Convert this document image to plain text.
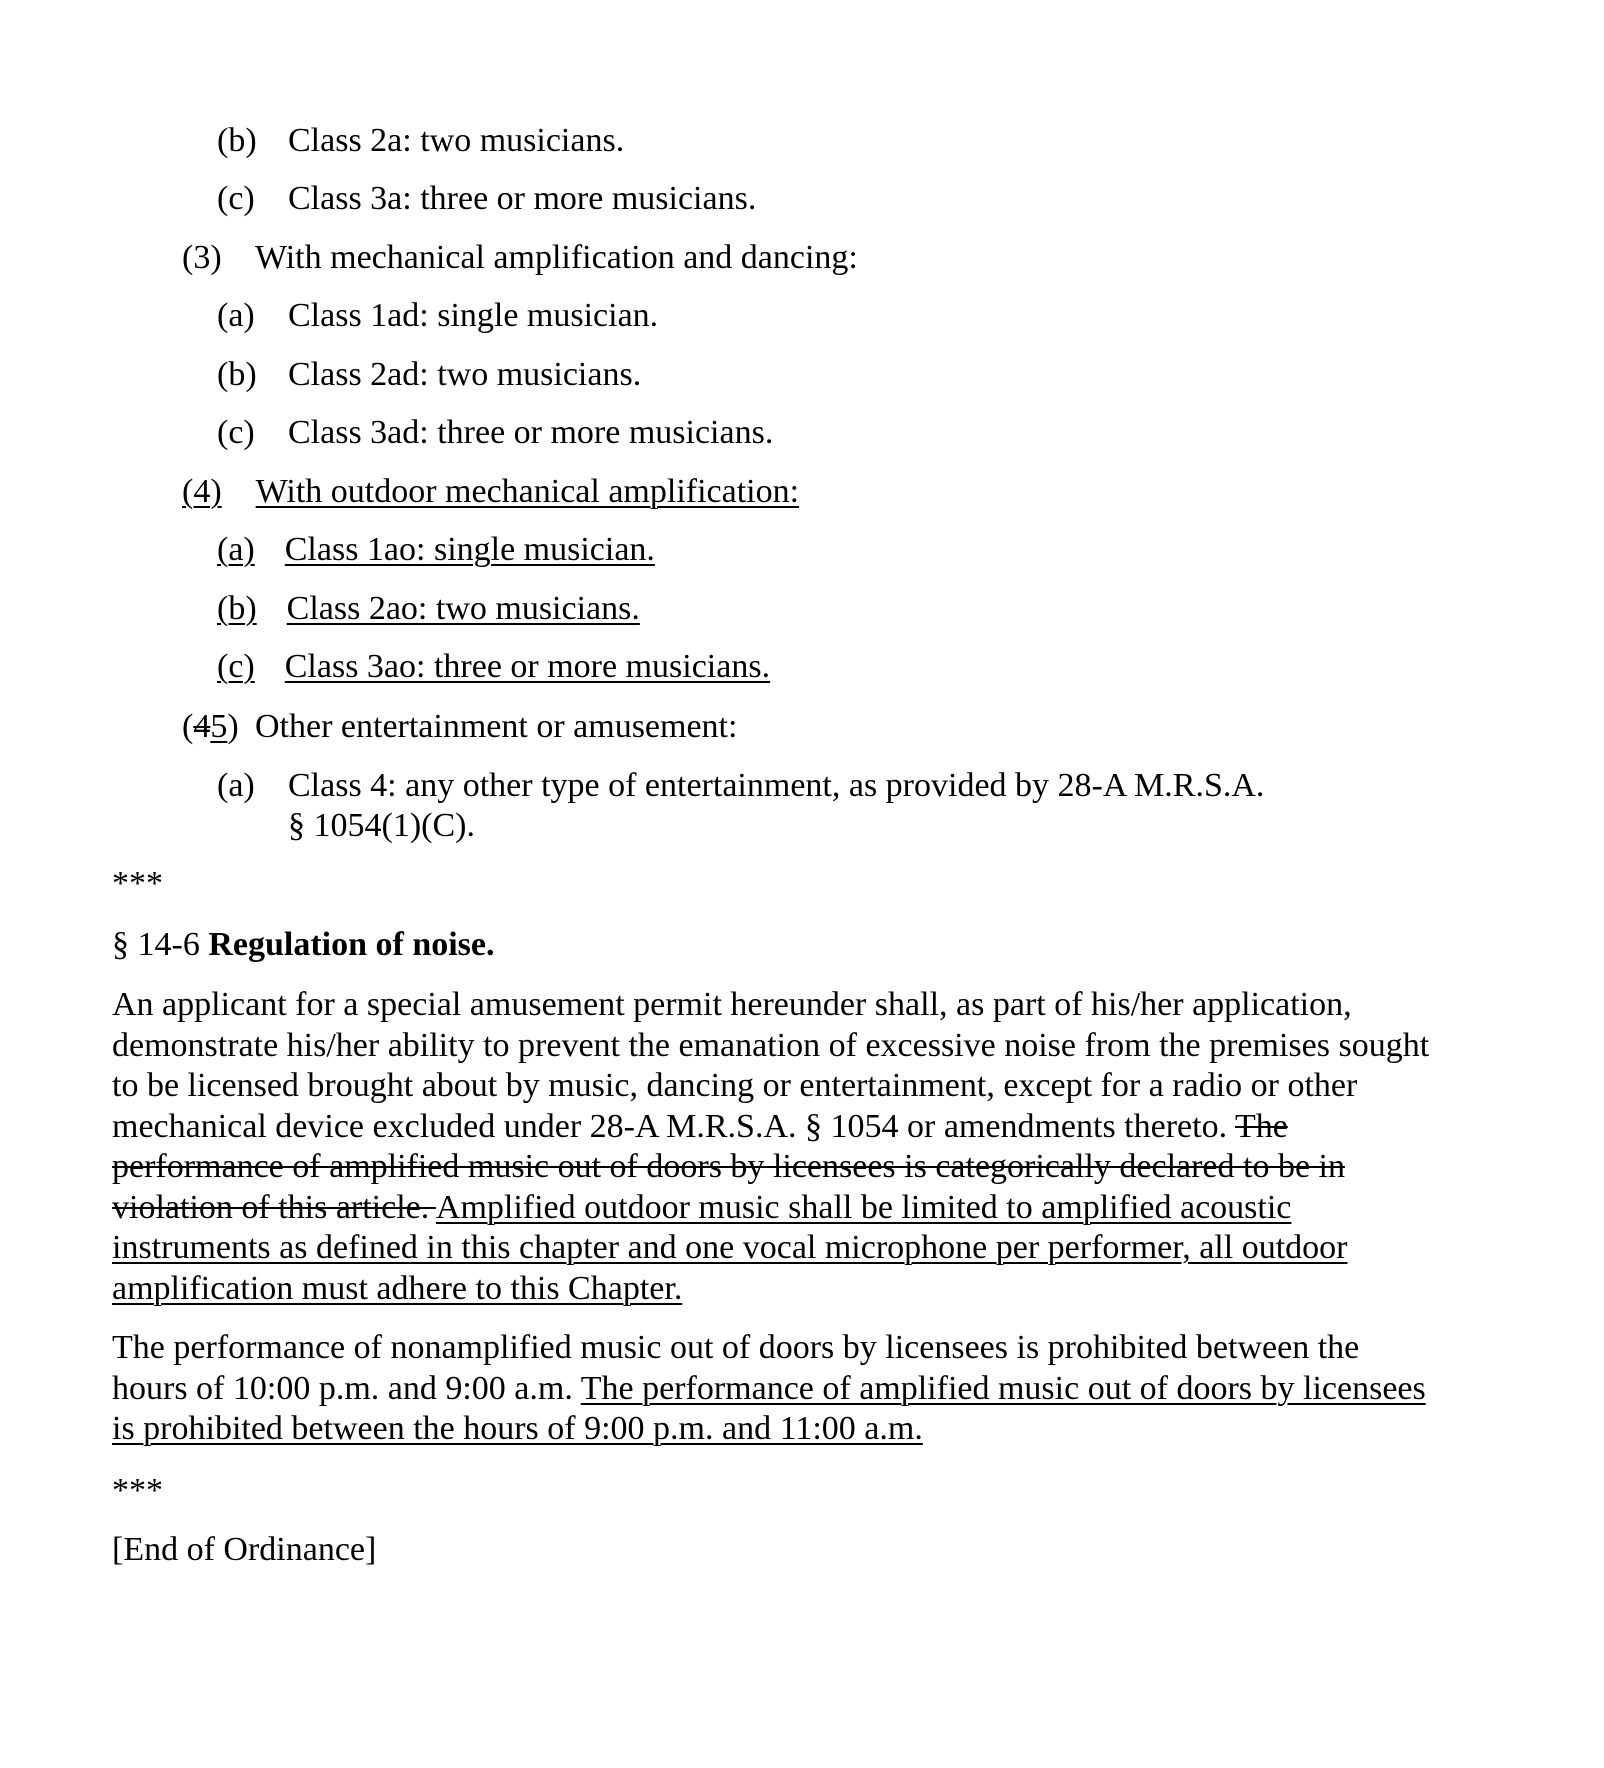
(b) Class 2a: two musicians.
(c) Class 3a: three or more musicians.
(3) With mechanical amplification and dancing:
(a) Class 1ad: single musician.
(b) Class 2ad: two musicians.
(c) Class 3ad: three or more musicians.
(4) With outdoor mechanical amplification:
(a) Class 1ao: single musician.
(b) Class 2ao: two musicians.
(c) Class 3ao: three or more musicians.
(45) Other entertainment or amusement:
(a) Class 4: any other type of entertainment, as provided by 28-A M.R.S.A.
§ 1054(1)(C).
***
§ 14-6 Regulation of noise.
An applicant for a special amusement permit hereunder shall, as part of his/her application,
demonstrate his/her ability to prevent the emanation of excessive noise from the premises sought
to be licensed brought about by music, dancing or entertainment, except for a radio or other
mechanical device excluded under 28-A M.R.S.A. § 1054 or amendments thereto. The
performance of amplified music out of doors by licensees is categorically declared to be in
violation of this article. Amplified outdoor music shall be limited to amplified acoustic
instruments as defined in this chapter and one vocal microphone per performer, all outdoor
amplification must adhere to this Chapter.
The performance of nonamplified music out of doors by licensees is prohibited between the
hours of 10:00 p.m. and 9:00 a.m. The performance of amplified music out of doors by licensees
is prohibited between the hours of 9:00 p.m. and 11:00 a.m.
***
[End of Ordinance]
